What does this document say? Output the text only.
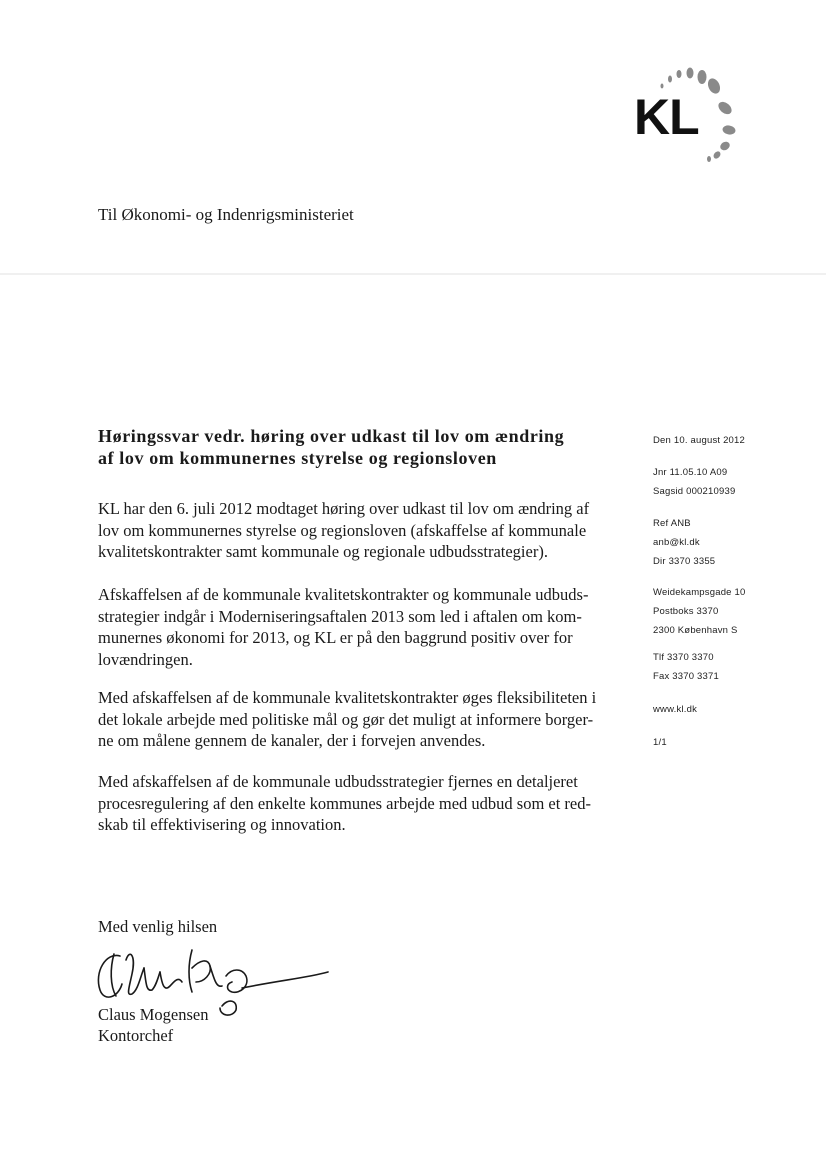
KL
Til Økonomi- og Indenrigsministeriet
Høringssvar vedr. høring over udkast til lov om ændring
af lov om kommunernes styrelse og regionsloven
KL har den 6. juli 2012 modtaget høring over udkast til lov om ændring af
lov om kommunernes styrelse og regionsloven (afskaffelse af kommunale
kvalitetskontrakter samt kommunale og regionale udbudsstrategier).
Afskaffelsen af de kommunale kvalitetskontrakter og kommunale udbuds-
strategier indgår i Moderniseringsaftalen 2013 som led i aftalen om kom-
munernes økonomi for 2013, og KL er på den baggrund positiv over for
lovændringen.
Med afskaffelsen af de kommunale kvalitetskontrakter øges fleksibiliteten i
det lokale arbejde med politiske mål og gør det muligt at informere borger-
ne om målene gennem de kanaler, der i forvejen anvendes.
Med afskaffelsen af de kommunale udbudsstrategier fjernes en detaljeret
procesregulering af den enkelte kommunes arbejde med udbud som et red-
skab til effektivisering og innovation.
Den 10. august 2012
Jnr 11.05.10 A09
Sagsid 000210939
Ref ANB
anb@kl.dk
Dir 3370 3355
Weidekampsgade 10
Postboks 3370
2300 København S
Tlf 3370 3370
Fax 3370 3371
www.kl.dk
1/1
Med venlig hilsen
Claus Mogensen
Kontorchef
